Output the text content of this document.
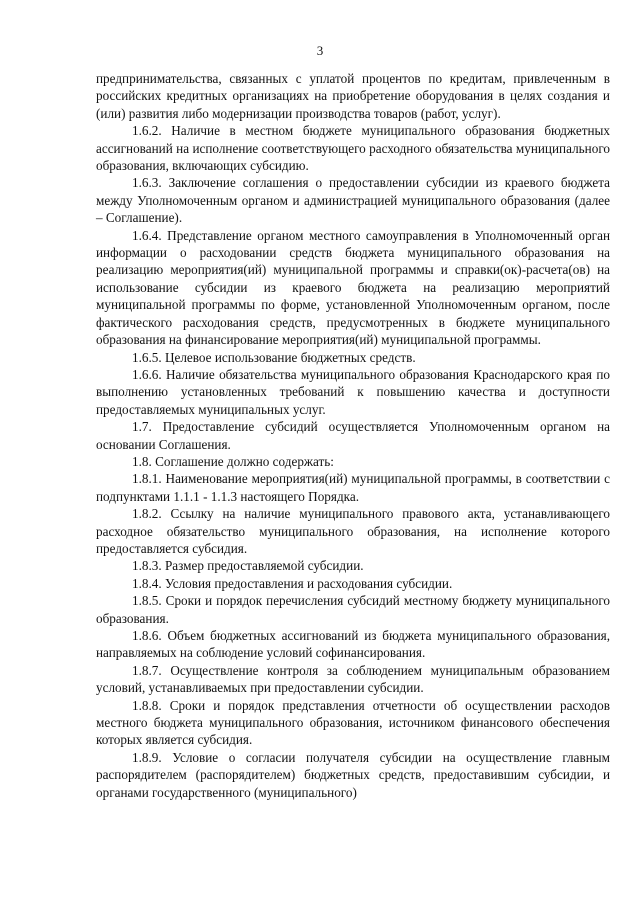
3

предпринимательства, связанных с уплатой процентов по кредитам, привлеченным в российских кредитных организациях на приобретение оборудования в целях создания и (или) развития либо модернизации производства товаров (работ, услуг).

1.6.2. Наличие в местном бюджете муниципального образования бюджетных ассигнований на исполнение соответствующего расходного обязательства муниципального образования, включающих субсидию.

1.6.3. Заключение соглашения о предоставлении субсидии из краевого бюджета между Уполномоченным органом и администрацией муниципального образования (далее – Соглашение).

1.6.4. Представление органом местного самоуправления в Уполномоченный орган информации о расходовании средств бюджета муниципального образования на реализацию мероприятия(ий) муниципальной программы и справки(ок)-расчета(ов) на использование субсидии из краевого бюджета на реализацию мероприятий муниципальной программы по форме, установленной Уполномоченным органом, после фактического расходования средств, предусмотренных в бюджете муниципального образования на финансирование мероприятия(ий) муниципальной программы.

1.6.5. Целевое использование бюджетных средств.

1.6.6. Наличие обязательства муниципального образования Краснодарского края по выполнению установленных требований к повышению качества и доступности предоставляемых муниципальных услуг.

1.7. Предоставление субсидий осуществляется Уполномоченным органом на основании Соглашения.

1.8. Соглашение должно содержать:

1.8.1. Наименование мероприятия(ий) муниципальной программы, в соответствии с подпунктами 1.1.1 - 1.1.3 настоящего Порядка.

1.8.2. Ссылку на наличие муниципального правового акта, устанавливающего расходное обязательство муниципального образования, на исполнение которого предоставляется субсидия.

1.8.3. Размер предоставляемой субсидии.

1.8.4. Условия предоставления и расходования субсидии.

1.8.5. Сроки и порядок перечисления субсидий местному бюджету муниципального образования.

1.8.6. Объем бюджетных ассигнований из бюджета муниципального образования, направляемых на соблюдение условий софинансирования.

1.8.7. Осуществление контроля за соблюдением муниципальным образованием условий, устанавливаемых при предоставлении субсидии.

1.8.8. Сроки и порядок представления отчетности об осуществлении расходов местного бюджета муниципального образования, источником финансового обеспечения которых является субсидия.

1.8.9. Условие о согласии получателя субсидии на осуществление главным распорядителем (распорядителем) бюджетных средств, предоставившим субсидии, и органами государственного (муниципального)
